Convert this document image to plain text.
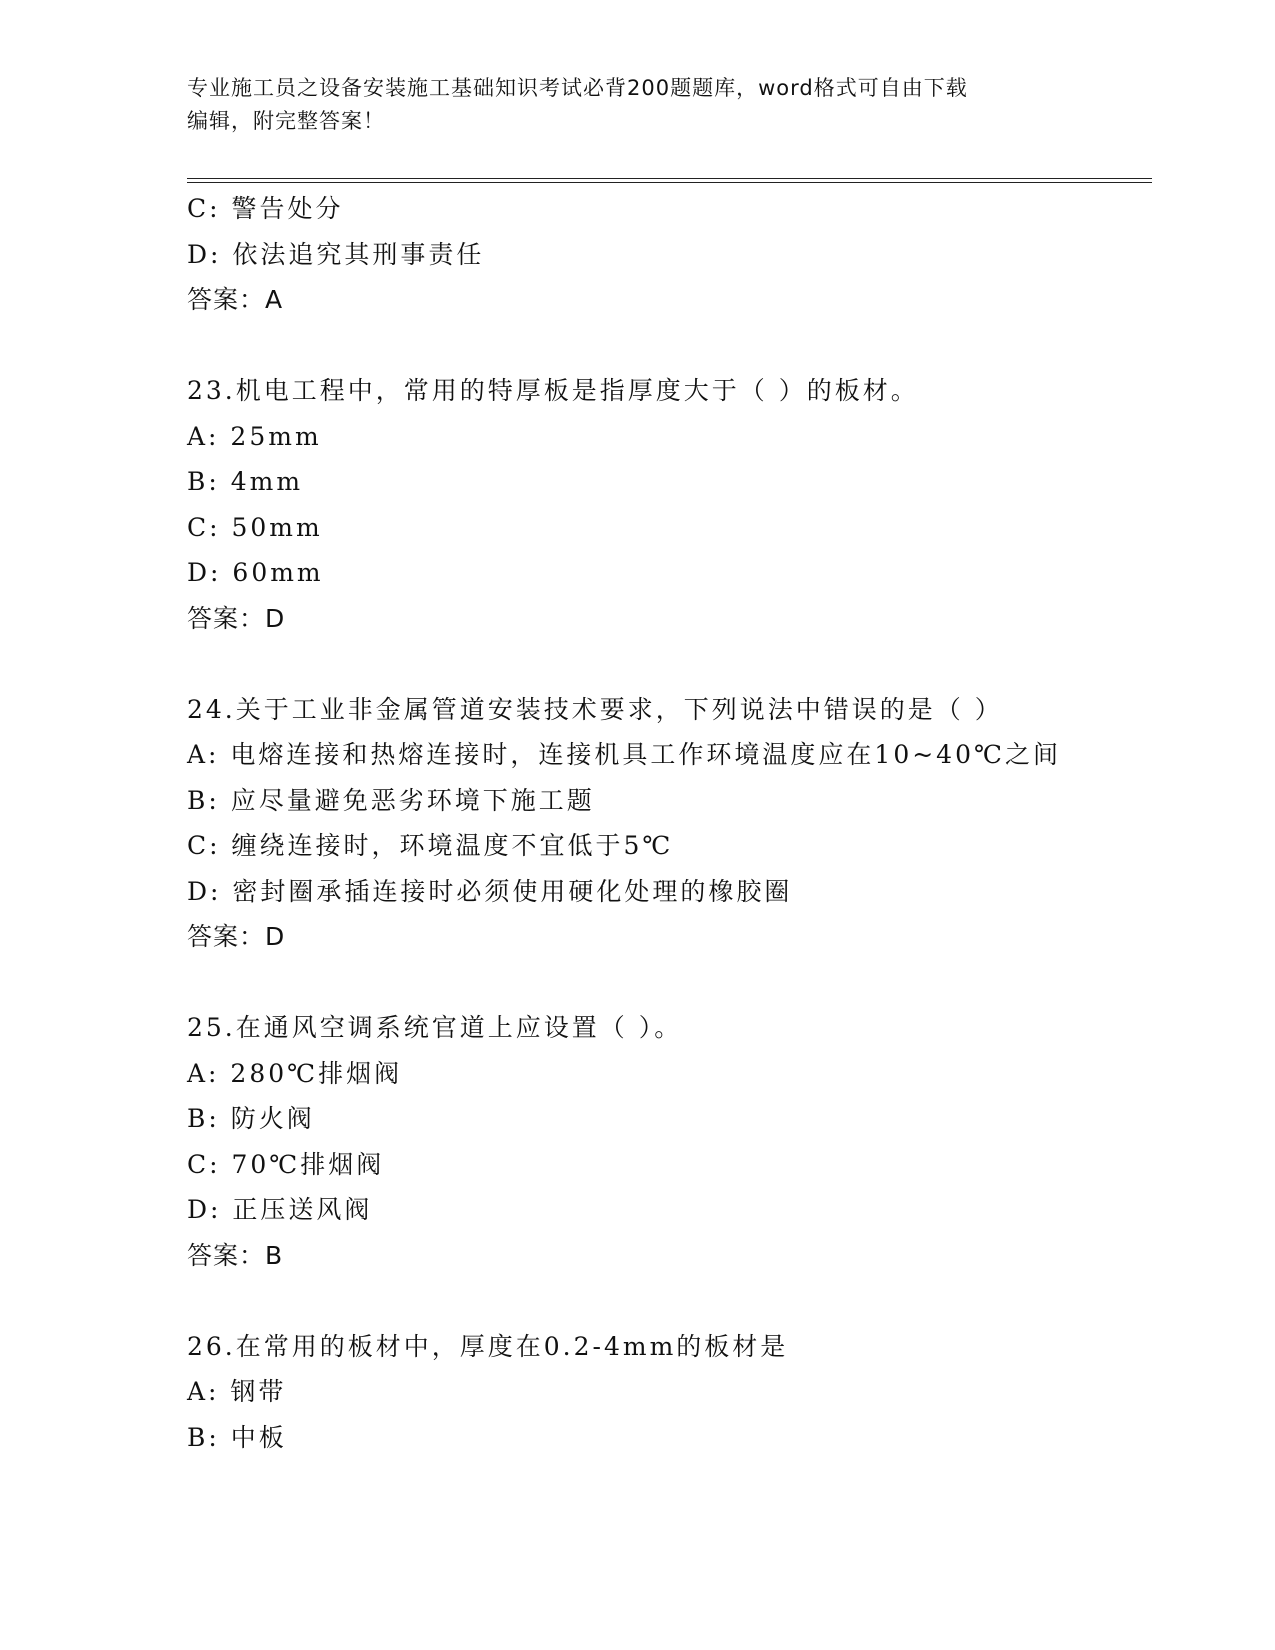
专业施工员之设备安装施工基础知识考试必背200题题库，word格式可自由下载
编辑，附完整答案！
C: 警告处分
D: 依法追究其刑事责任
答案：A
23.机电工程中，常用的特厚板是指厚度大于（ ）的板材。
A: 25mm
B: 4mm
C: 50mm
D: 60mm
答案：D
24.关于工业非金属管道安装技术要求，下列说法中错误的是（ ）
A: 电熔连接和热熔连接时，连接机具工作环境温度应在10~40℃之间
B: 应尽量避免恶劣环境下施工题
C: 缠绕连接时，环境温度不宜低于5℃
D: 密封圈承插连接时必须使用硬化处理的橡胶圈
答案：D
25.在通风空调系统官道上应设置（ ）。
A: 280℃排烟阀
B: 防火阀
C: 70℃排烟阀
D: 正压送风阀
答案：B
26.在常用的板材中，厚度在0.2-4mm的板材是
A: 钢带
B: 中板
